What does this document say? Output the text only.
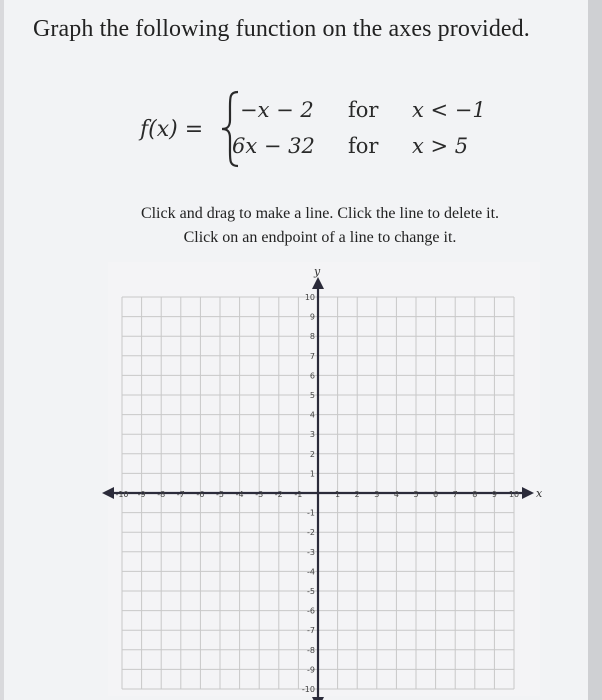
Graph the following function on the axes provided.
f(x) =
−x − 2 for x < −1
6x − 32 for x > 5
Click and drag to make a line. Click the line to delete it.
Click on an endpoint of a line to change it.
x
y
-10 -9 -8 -7 -6 -5 -4 -3 -2 -1	1 2 3 4 5 6 7 8 9 10
10
9
8
7
6
5
4
3
2
1
-1
-2
-3
-4
-5
-6
-7
-8
-9
-10
